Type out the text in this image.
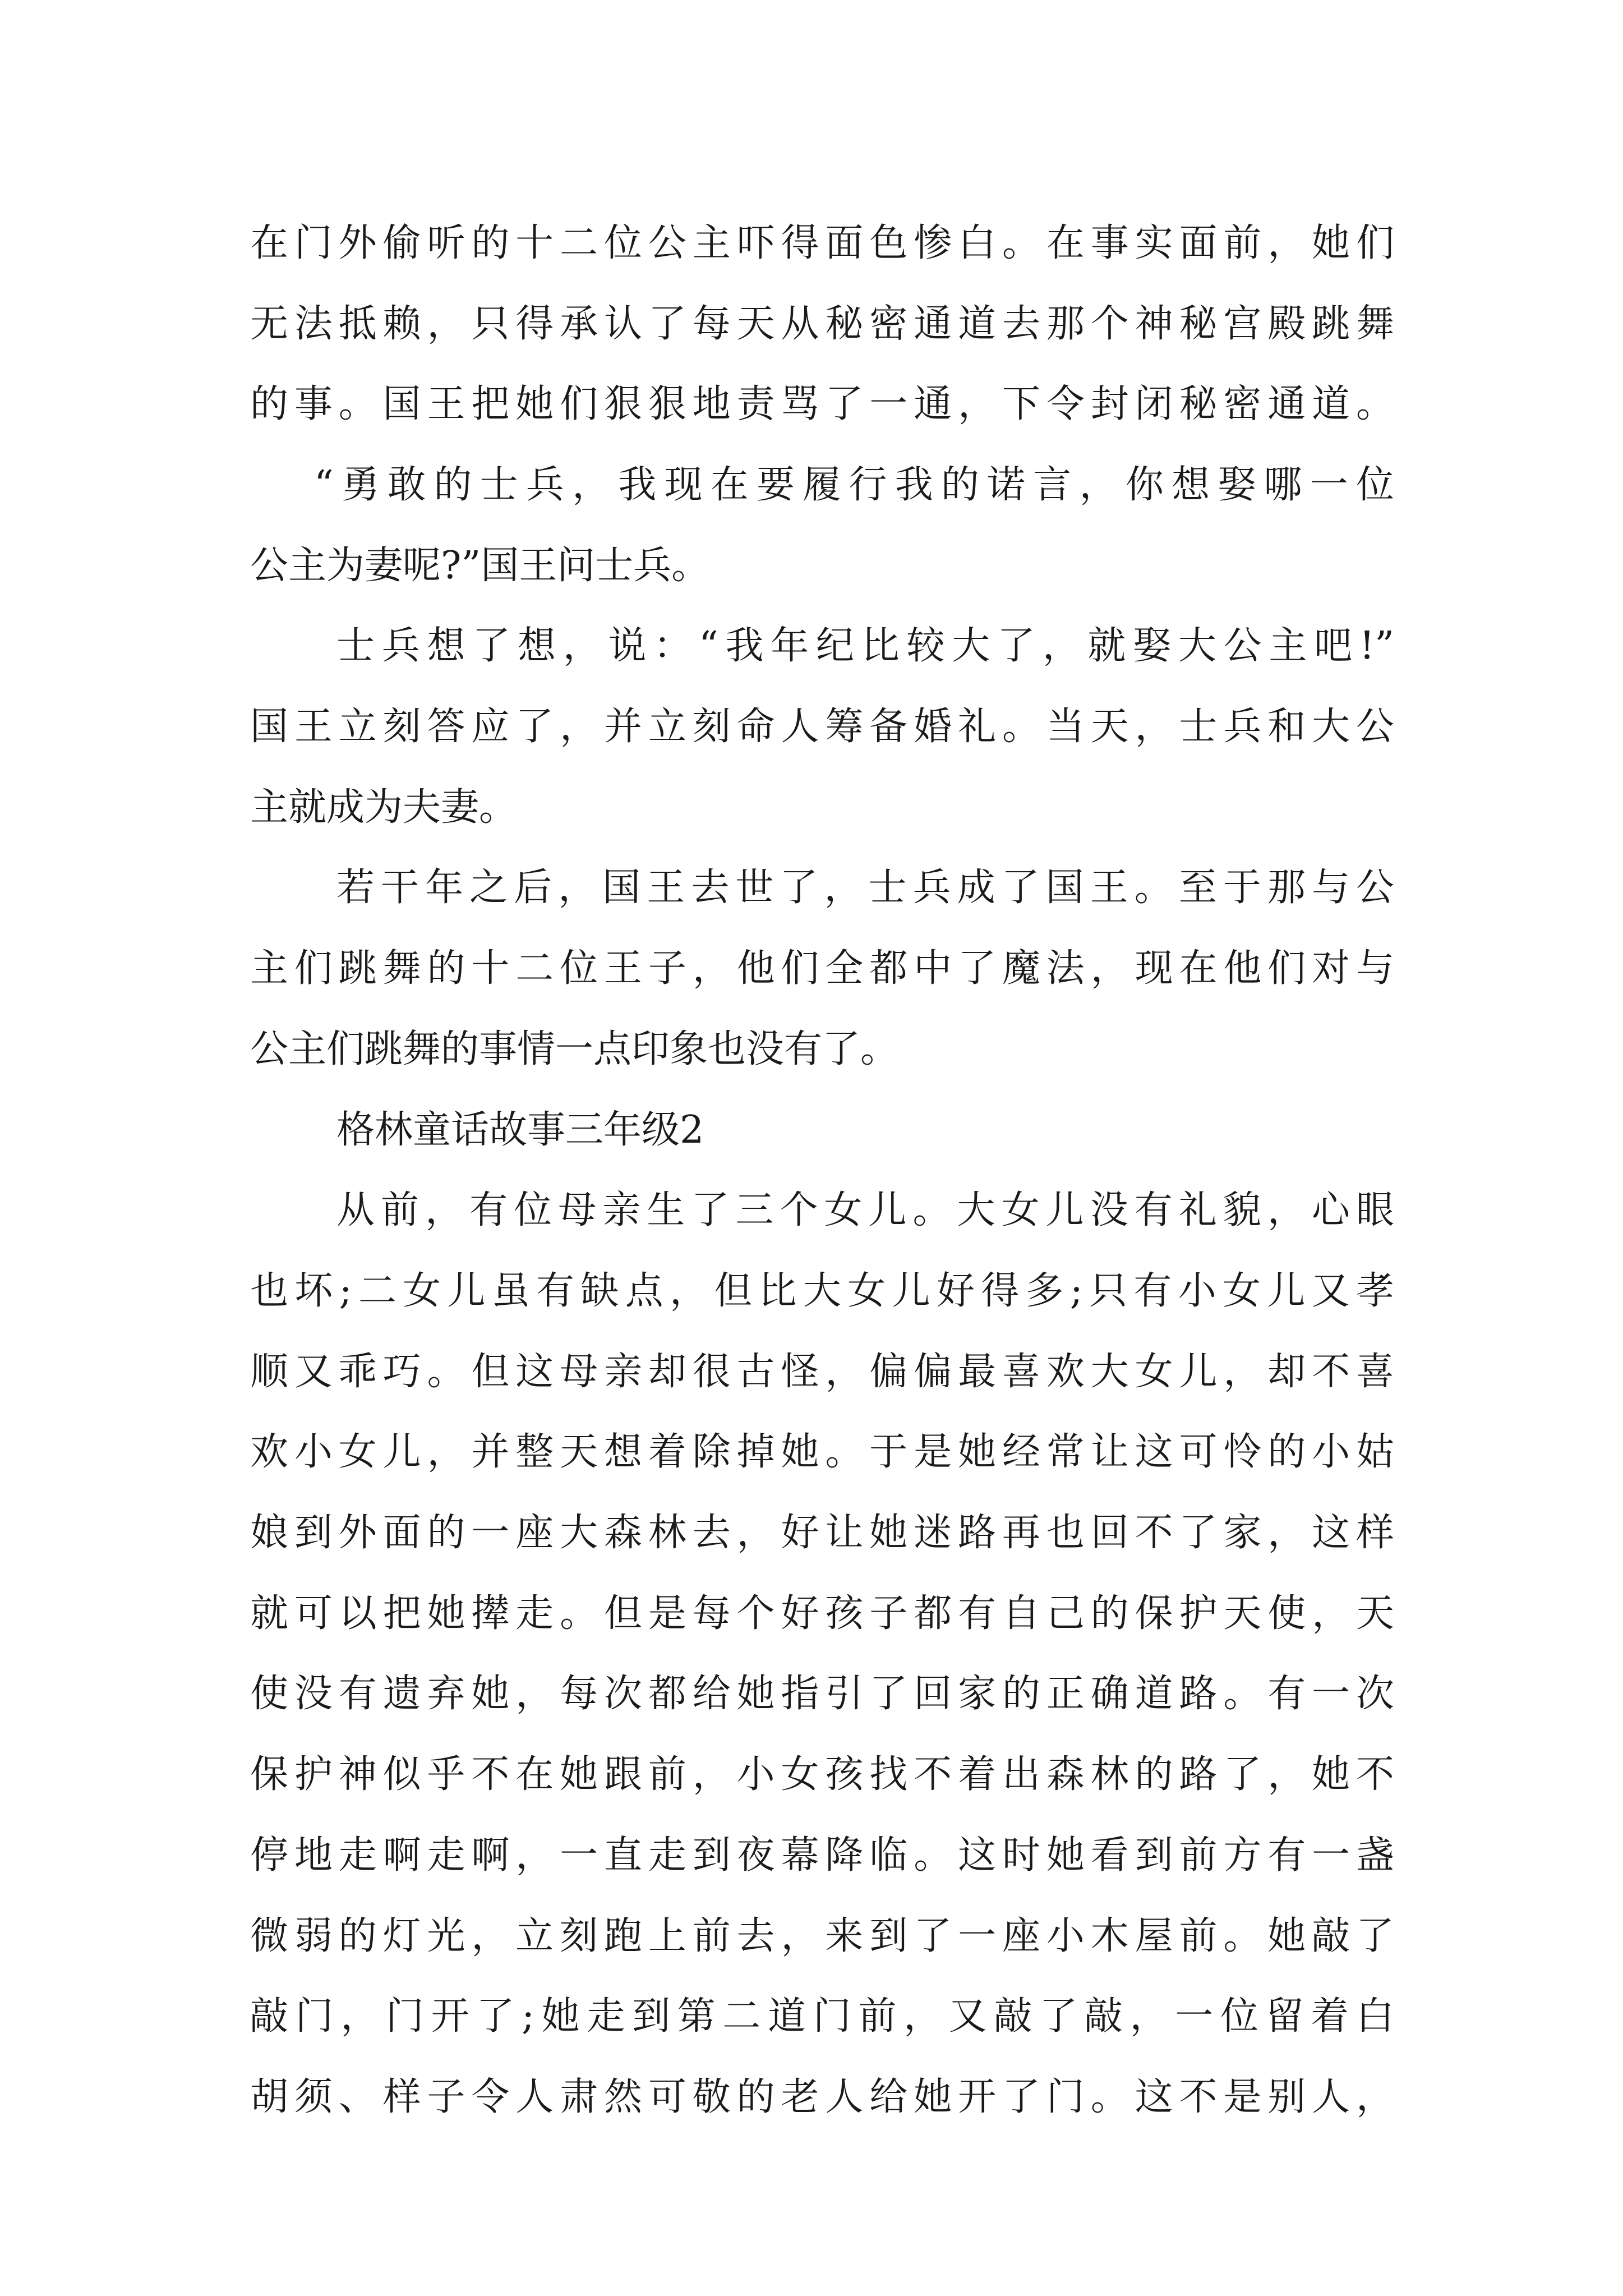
在门外偷听的十二位公主吓得面色惨白。在事实面前，她们
无法抵赖，只得承认了每天从秘密通道去那个神秘宫殿跳舞
的事。国王把她们狠狠地责骂了一通，下令封闭秘密通道。
“勇敢的士兵，我现在要履行我的诺言，你想娶哪一位
公主为妻呢?”国王问士兵。
士兵想了想，说：“我年纪比较大了，就娶大公主吧!”
国王立刻答应了，并立刻命人筹备婚礼。当天，士兵和大公
主就成为夫妻。
若干年之后，国王去世了，士兵成了国王。至于那与公
主们跳舞的十二位王子，他们全都中了魔法，现在他们对与
公主们跳舞的事情一点印象也没有了。
格林童话故事三年级2
从前，有位母亲生了三个女儿。大女儿没有礼貌，心眼
也坏;二女儿虽有缺点，但比大女儿好得多;只有小女儿又孝
顺又乖巧。但这母亲却很古怪，偏偏最喜欢大女儿，却不喜
欢小女儿，并整天想着除掉她。于是她经常让这可怜的小姑
娘到外面的一座大森林去，好让她迷路再也回不了家，这样
就可以把她撵走。但是每个好孩子都有自己的保护天使，天
使没有遗弃她，每次都给她指引了回家的正确道路。有一次
保护神似乎不在她跟前，小女孩找不着出森林的路了，她不
停地走啊走啊，一直走到夜幕降临。这时她看到前方有一盏
微弱的灯光，立刻跑上前去，来到了一座小木屋前。她敲了
敲门，门开了;她走到第二道门前，又敲了敲，一位留着白
胡须、样子令人肃然可敬的老人给她开了门。这不是别人，
